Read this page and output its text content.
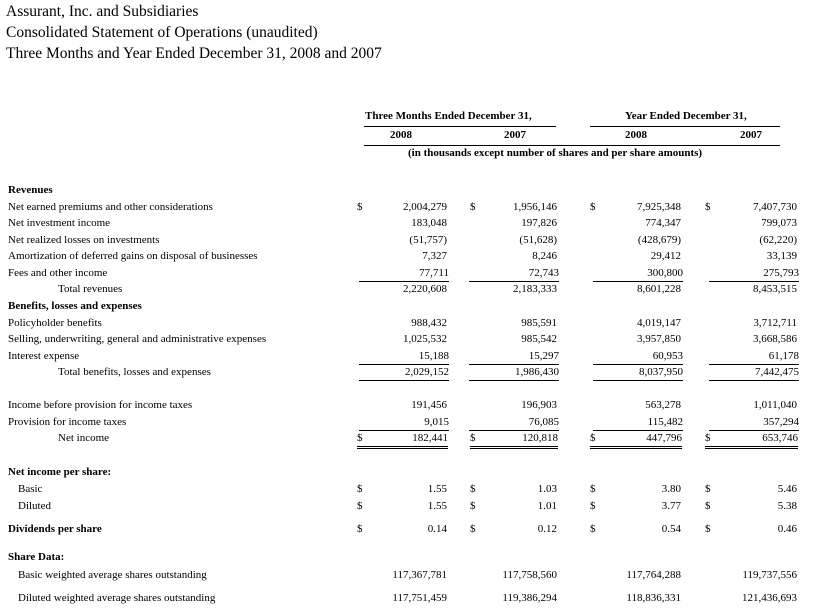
Assurant, Inc. and Subsidiaries
Consolidated Statement of Operations (unaudited)
Three Months and Year Ended December 31, 2008 and 2007
Three Months Ended December 31,	Year Ended December 31,
2008	2007	2008	2007
(in thousands except number of shares and per share amounts)
Revenues
Net earned premiums and other considerations	$	2,004,279 $	1,956,146	$	7,925,348 $	7,407,730
Net investment income	183,048	197,826	774,347	799,073
Net realized losses on investments	(51,757)	(51,628)	(428,679)	(62,220)
Amortization of deferred gains on disposal of businesses	7,327	8,246	29,412	33,139
Fees and other income	77,711	72,743	300,800	275,793
Total revenues	2,220,608	2,183,333	8,601,228	8,453,515
Benefits, losses and expenses
Policyholder benefits	988,432	985,591	4,019,147	3,712,711
Selling, underwriting, general and administrative expenses	1,025,532	985,542	3,957,850	3,668,586
Interest expense	15,188	15,297	60,953	61,178
Total benefits, losses and expenses	2,029,152	1,986,430	8,037,950	7,442,475
Income before provision for income taxes	191,456	196,903	563,278	1,011,040
Provision for income taxes	9,015	76,085	115,482	357,294
Net income	$	182,441 $	120,818	$	447,796 $	653,746
Net income per share:
Basic	$	1.55 $	1.03	$	3.80 $	5.46
Diluted	$	1.55 $	1.01	$	3.77 $	5.38
Dividends per share	$	0.14 $	0.12	$	0.54 $	0.46
Share Data:
Basic weighted average shares outstanding	117,367,781	117,758,560	117,764,288	119,737,556
Diluted weighted average shares outstanding	117,751,459	119,386,294	118,836,331	121,436,693
